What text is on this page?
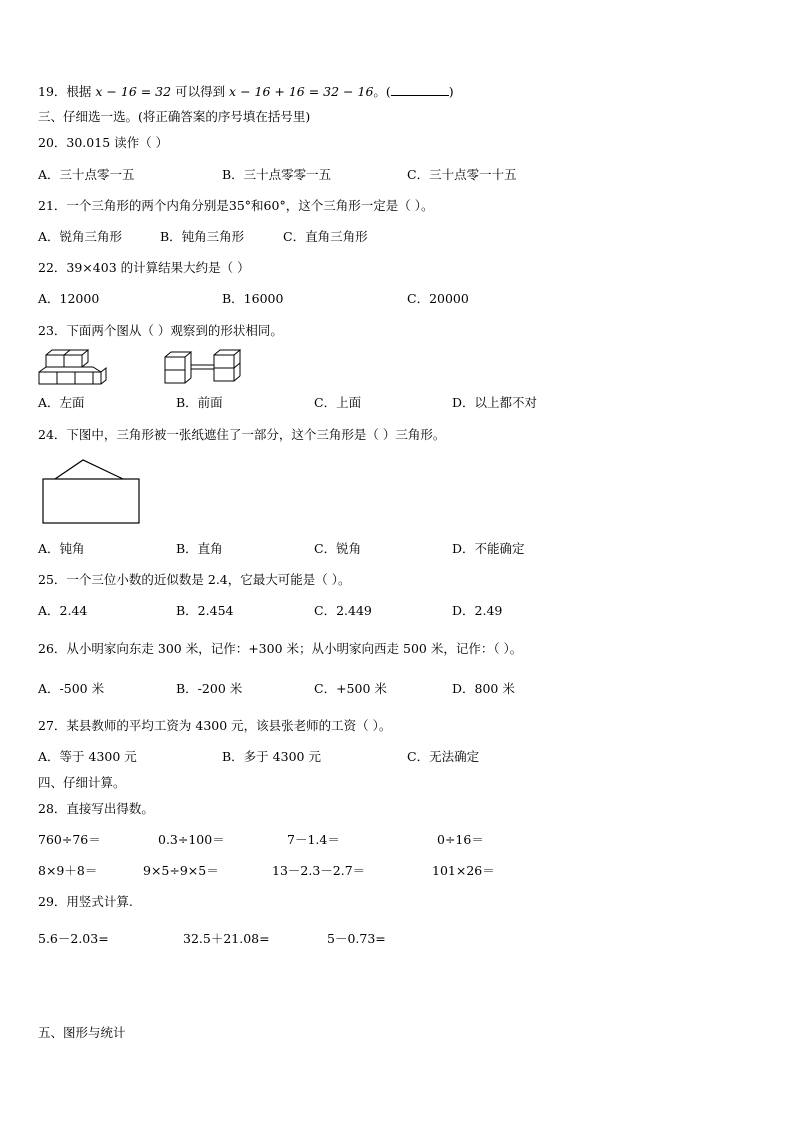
19．根据 x − 16 = 32 可以得到 x − 16 + 16 = 32 − 16。(	)
三、仔细选一选。(将正确答案的序号填在括号里)
20．30.015 读作（ ）
A．三十点零一五	B．三十点零零一五	C．三十点零一十五
21．一个三角形的两个内角分别是35°和60°，这个三角形一定是（ ）。
A．锐角三角形	B．钝角三角形	C．直角三角形
22．39×403 的计算结果大约是（ ）
A．12000	B．16000	C．20000
23．下面两个图从（ ）观察到的形状相同。
A．左面	B．前面	C．上面	D．以上都不对
24．下图中，三角形被一张纸遮住了一部分，这个三角形是（ ）三角形。
A．钝角	B．直角	C．锐角	D．不能确定
25．一个三位小数的近似数是 2.4，它最大可能是（ ）。
A．2.44	B．2.454	C．2.449	D．2.49
26．从小明家向东走 300 米，记作：+300 米；从小明家向西走 500 米，记作：（ ）。
A．-500 米	B．-200 米	C．+500 米	D．800 米
27．某县教师的平均工资为 4300 元，该县张老师的工资（ ）。
A．等于 4300 元	B．多于 4300 元	C．无法确定
四、仔细计算。
28．直接写出得数。
760÷76＝	0.3÷100＝	7－1.4＝	0÷16＝
8×9＋8＝	9×5÷9×5＝	13－2.3－2.7＝	101×26＝
29．用竖式计算.
5.6－2.03=	32.5＋21.08=	5－0.73=
五、图形与统计
